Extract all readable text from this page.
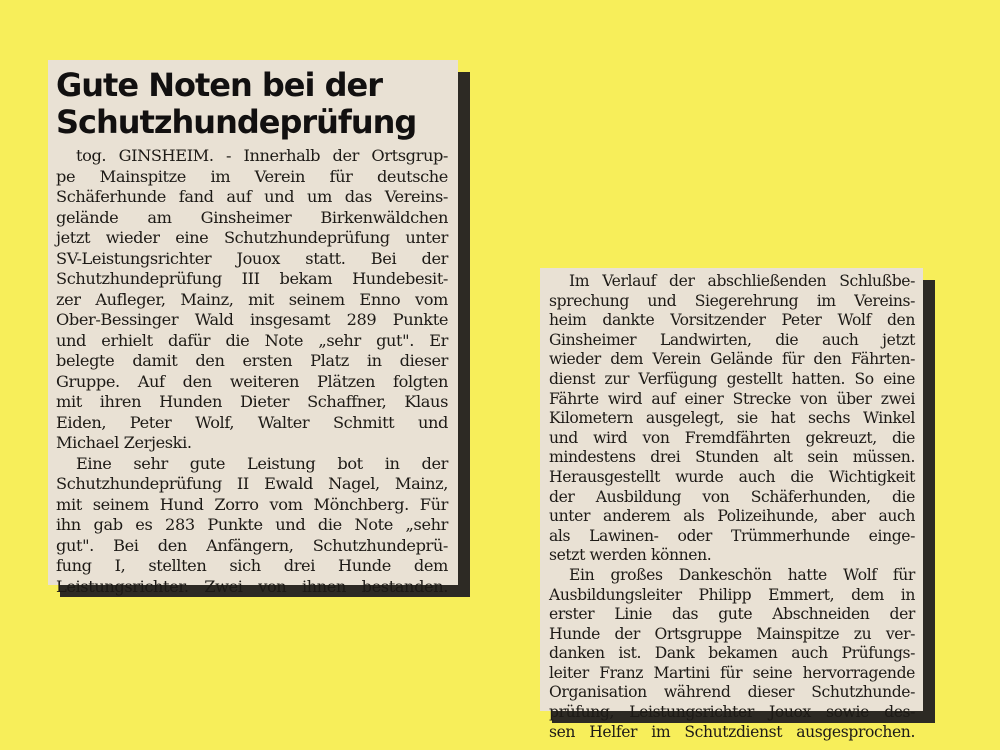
Gute Noten bei der
Schutzhundeprüfung
tog. GINSHEIM. - Innerhalb der Ortsgrup-
pe Mainspitze im Verein für deutsche
Schäferhunde fand auf und um das Vereins-
gelände am Ginsheimer Birkenwäldchen
jetzt wieder eine Schutzhundeprüfung unter
SV-Leistungsrichter Jouox statt. Bei der
Schutzhundeprüfung III bekam Hundebesit-
zer Aufleger, Mainz, mit seinem Enno vom
Ober-Bessinger Wald insgesamt 289 Punkte
und erhielt dafür die Note „sehr gut". Er
belegte damit den ersten Platz in dieser
Gruppe. Auf den weiteren Plätzen folgten
mit ihren Hunden Dieter Schaffner, Klaus
Eiden, Peter Wolf, Walter Schmitt und
Michael Zerjeski.
Eine sehr gute Leistung bot in der
Schutzhundeprüfung II Ewald Nagel, Mainz,
mit seinem Hund Zorro vom Mönchberg. Für
ihn gab es 283 Punkte und die Note „sehr
gut". Bei den Anfängern, Schutzhundeprü-
fung I, stellten sich drei Hunde dem
Leistungsrichter. Zwei von ihnen bestanden.
Im Verlauf der abschließenden Schlußbe-
sprechung und Siegerehrung im Vereins-
heim dankte Vorsitzender Peter Wolf den
Ginsheimer Landwirten, die auch jetzt
wieder dem Verein Gelände für den Fährten-
dienst zur Verfügung gestellt hatten. So eine
Fährte wird auf einer Strecke von über zwei
Kilometern ausgelegt, sie hat sechs Winkel
und wird von Fremdfährten gekreuzt, die
mindestens drei Stunden alt sein müssen.
Herausgestellt wurde auch die Wichtigkeit
der Ausbildung von Schäferhunden, die
unter anderem als Polizeihunde, aber auch
als Lawinen- oder Trümmerhunde einge-
setzt werden können.
Ein großes Dankeschön hatte Wolf für
Ausbildungsleiter Philipp Emmert, dem in
erster Linie das gute Abschneiden der
Hunde der Ortsgruppe Mainspitze zu ver-
danken ist. Dank bekamen auch Prüfungs-
leiter Franz Martini für seine hervorragende
Organisation während dieser Schutzhunde-
prüfung, Leistungsrichter Jouox sowie des-
sen Helfer im Schutzdienst ausgesprochen.
